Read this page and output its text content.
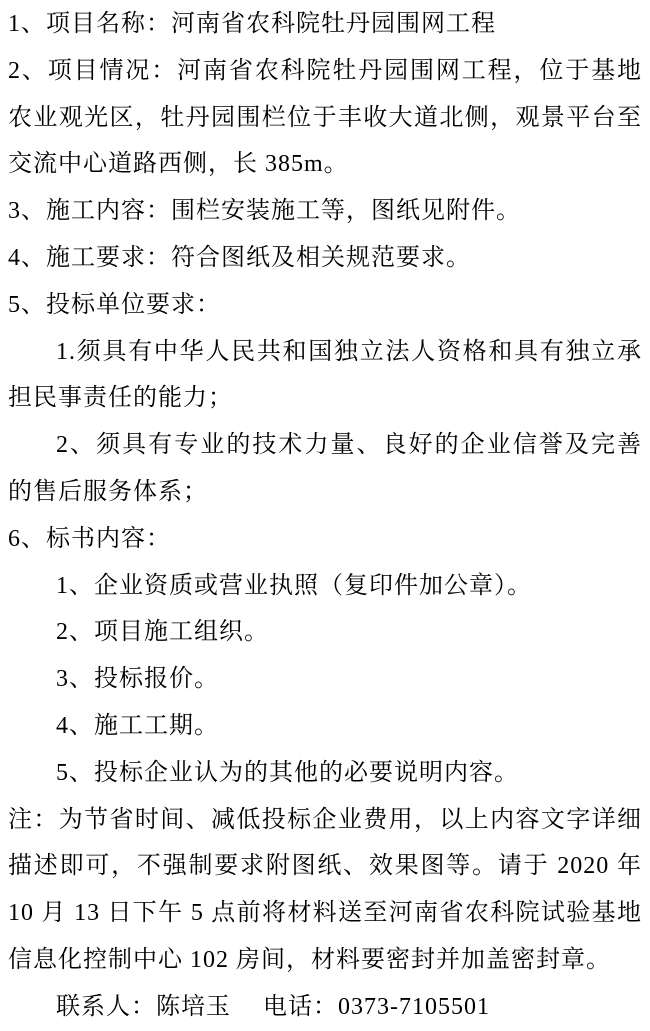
1、项目名称：河南省农科院牡丹园围网工程

2、项目情况：河南省农科院牡丹园围网工程，位于基地农业观光区，牡丹园围栏位于丰收大道北侧，观景平台至交流中心道路西侧，长 385m。

3、施工内容：围栏安装施工等，图纸见附件。

4、施工要求：符合图纸及相关规范要求。

5、投标单位要求：

1.须具有中华人民共和国独立法人资格和具有独立承担民事责任的能力；

2、须具有专业的技术力量、良好的企业信誉及完善的售后服务体系；

6、标书内容：

1、企业资质或营业执照（复印件加公章）。

2、项目施工组织。

3、投标报价。

4、施工工期。

5、投标企业认为的其他的必要说明内容。

注：为节省时间、减低投标企业费用，以上内容文字详细描述即可，不强制要求附图纸、效果图等。请于 2020 年 10 月 13 日下午 5 点前将材料送至河南省农科院试验基地信息化控制中心 102 房间，材料要密封并加盖密封章。

联系人：陈培玉　 电话：0373-7105501
